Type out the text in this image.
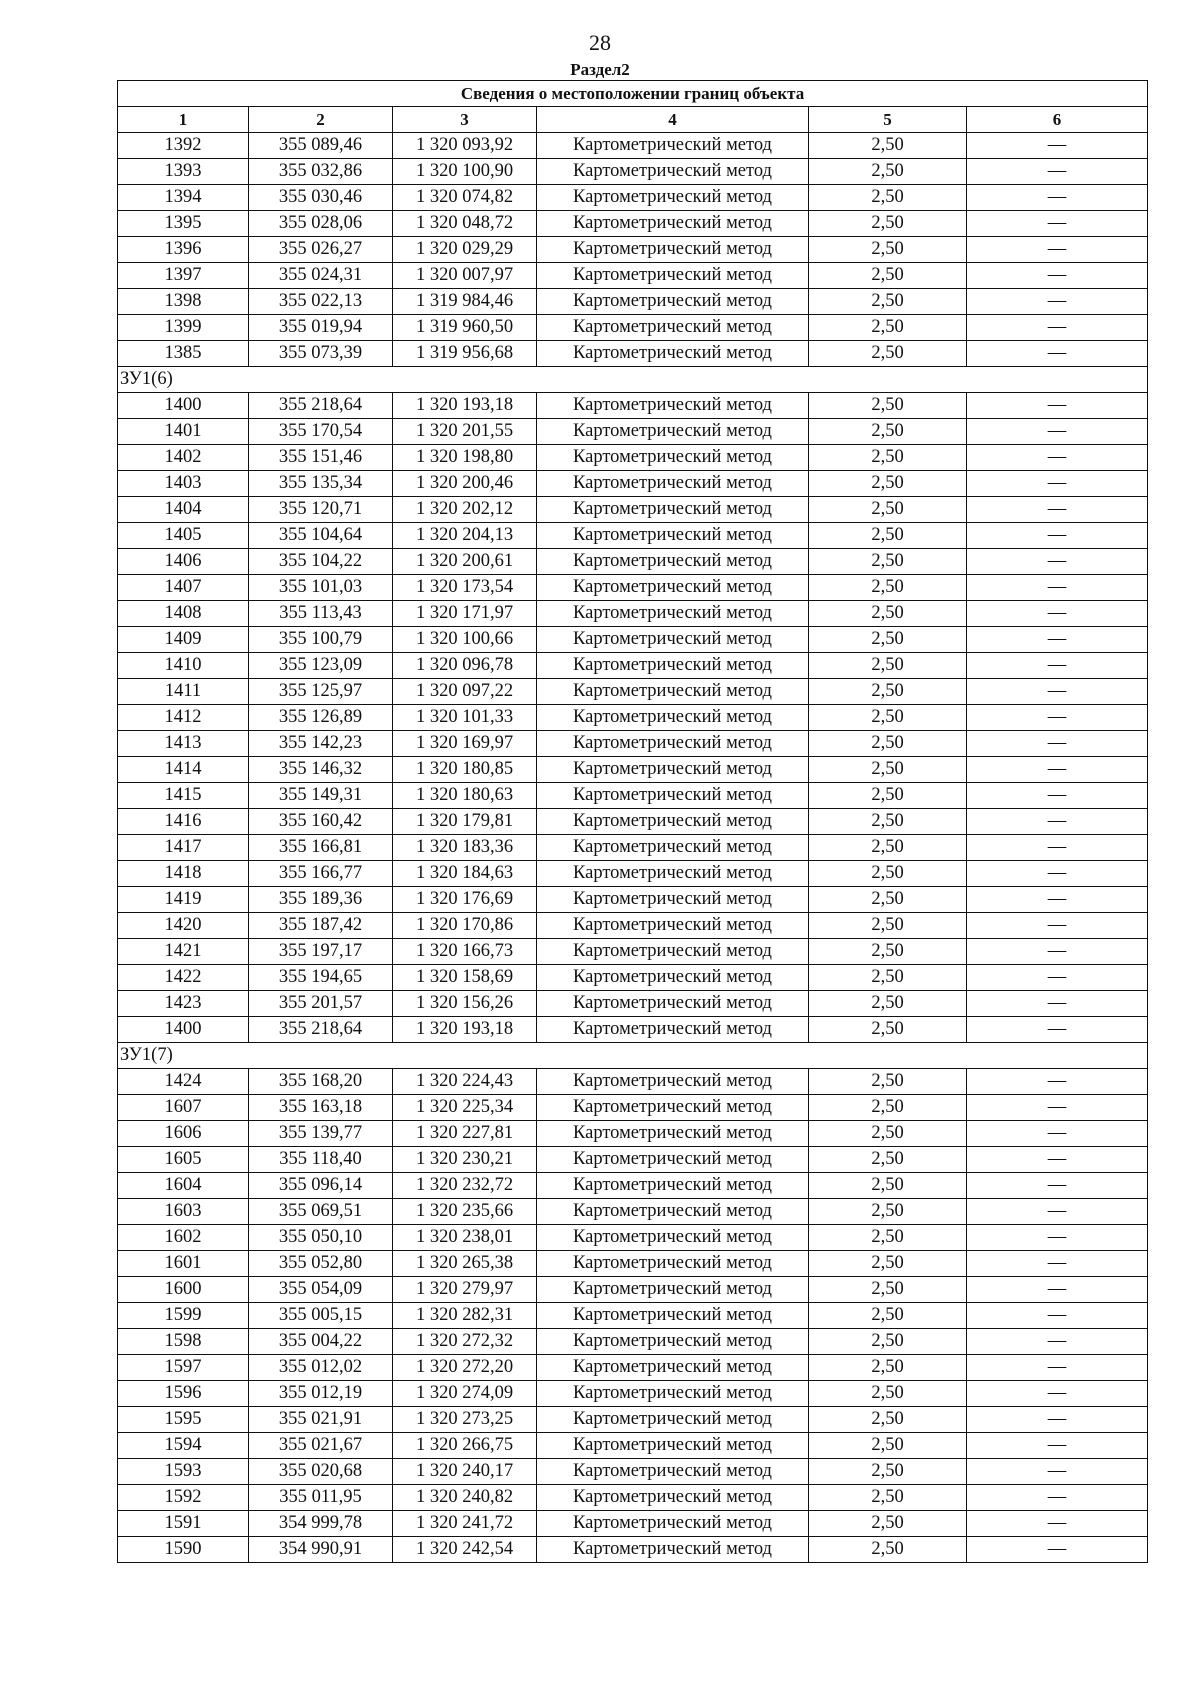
28
Раздел2
Сведения о местоположении границ объекта					
1	2	3	4	5	6
1392	355 089,46	1 320 093,92	Картометрический метод	2,50	—
1393	355 032,86	1 320 100,90	Картометрический метод	2,50	—
1394	355 030,46	1 320 074,82	Картометрический метод	2,50	—
1395	355 028,06	1 320 048,72	Картометрический метод	2,50	—
1396	355 026,27	1 320 029,29	Картометрический метод	2,50	—
1397	355 024,31	1 320 007,97	Картометрический метод	2,50	—
1398	355 022,13	1 319 984,46	Картометрический метод	2,50	—
1399	355 019,94	1 319 960,50	Картометрический метод	2,50	—
1385	355 073,39	1 319 956,68	Картометрический метод	2,50	—
ЗУ1(6)					
1400	355 218,64	1 320 193,18	Картометрический метод	2,50	—
1401	355 170,54	1 320 201,55	Картометрический метод	2,50	—
1402	355 151,46	1 320 198,80	Картометрический метод	2,50	—
1403	355 135,34	1 320 200,46	Картометрический метод	2,50	—
1404	355 120,71	1 320 202,12	Картометрический метод	2,50	—
1405	355 104,64	1 320 204,13	Картометрический метод	2,50	—
1406	355 104,22	1 320 200,61	Картометрический метод	2,50	—
1407	355 101,03	1 320 173,54	Картометрический метод	2,50	—
1408	355 113,43	1 320 171,97	Картометрический метод	2,50	—
1409	355 100,79	1 320 100,66	Картометрический метод	2,50	—
1410	355 123,09	1 320 096,78	Картометрический метод	2,50	—
1411	355 125,97	1 320 097,22	Картометрический метод	2,50	—
1412	355 126,89	1 320 101,33	Картометрический метод	2,50	—
1413	355 142,23	1 320 169,97	Картометрический метод	2,50	—
1414	355 146,32	1 320 180,85	Картометрический метод	2,50	—
1415	355 149,31	1 320 180,63	Картометрический метод	2,50	—
1416	355 160,42	1 320 179,81	Картометрический метод	2,50	—
1417	355 166,81	1 320 183,36	Картометрический метод	2,50	—
1418	355 166,77	1 320 184,63	Картометрический метод	2,50	—
1419	355 189,36	1 320 176,69	Картометрический метод	2,50	—
1420	355 187,42	1 320 170,86	Картометрический метод	2,50	—
1421	355 197,17	1 320 166,73	Картометрический метод	2,50	—
1422	355 194,65	1 320 158,69	Картометрический метод	2,50	—
1423	355 201,57	1 320 156,26	Картометрический метод	2,50	—
1400	355 218,64	1 320 193,18	Картометрический метод	2,50	—
ЗУ1(7)					
1424	355 168,20	1 320 224,43	Картометрический метод	2,50	—
1607	355 163,18	1 320 225,34	Картометрический метод	2,50	—
1606	355 139,77	1 320 227,81	Картометрический метод	2,50	—
1605	355 118,40	1 320 230,21	Картометрический метод	2,50	—
1604	355 096,14	1 320 232,72	Картометрический метод	2,50	—
1603	355 069,51	1 320 235,66	Картометрический метод	2,50	—
1602	355 050,10	1 320 238,01	Картометрический метод	2,50	—
1601	355 052,80	1 320 265,38	Картометрический метод	2,50	—
1600	355 054,09	1 320 279,97	Картометрический метод	2,50	—
1599	355 005,15	1 320 282,31	Картометрический метод	2,50	—
1598	355 004,22	1 320 272,32	Картометрический метод	2,50	—
1597	355 012,02	1 320 272,20	Картометрический метод	2,50	—
1596	355 012,19	1 320 274,09	Картометрический метод	2,50	—
1595	355 021,91	1 320 273,25	Картометрический метод	2,50	—
1594	355 021,67	1 320 266,75	Картометрический метод	2,50	—
1593	355 020,68	1 320 240,17	Картометрический метод	2,50	—
1592	355 011,95	1 320 240,82	Картометрический метод	2,50	—
1591	354 999,78	1 320 241,72	Картометрический метод	2,50	—
1590	354 990,91	1 320 242,54	Картометрический метод	2,50	—
